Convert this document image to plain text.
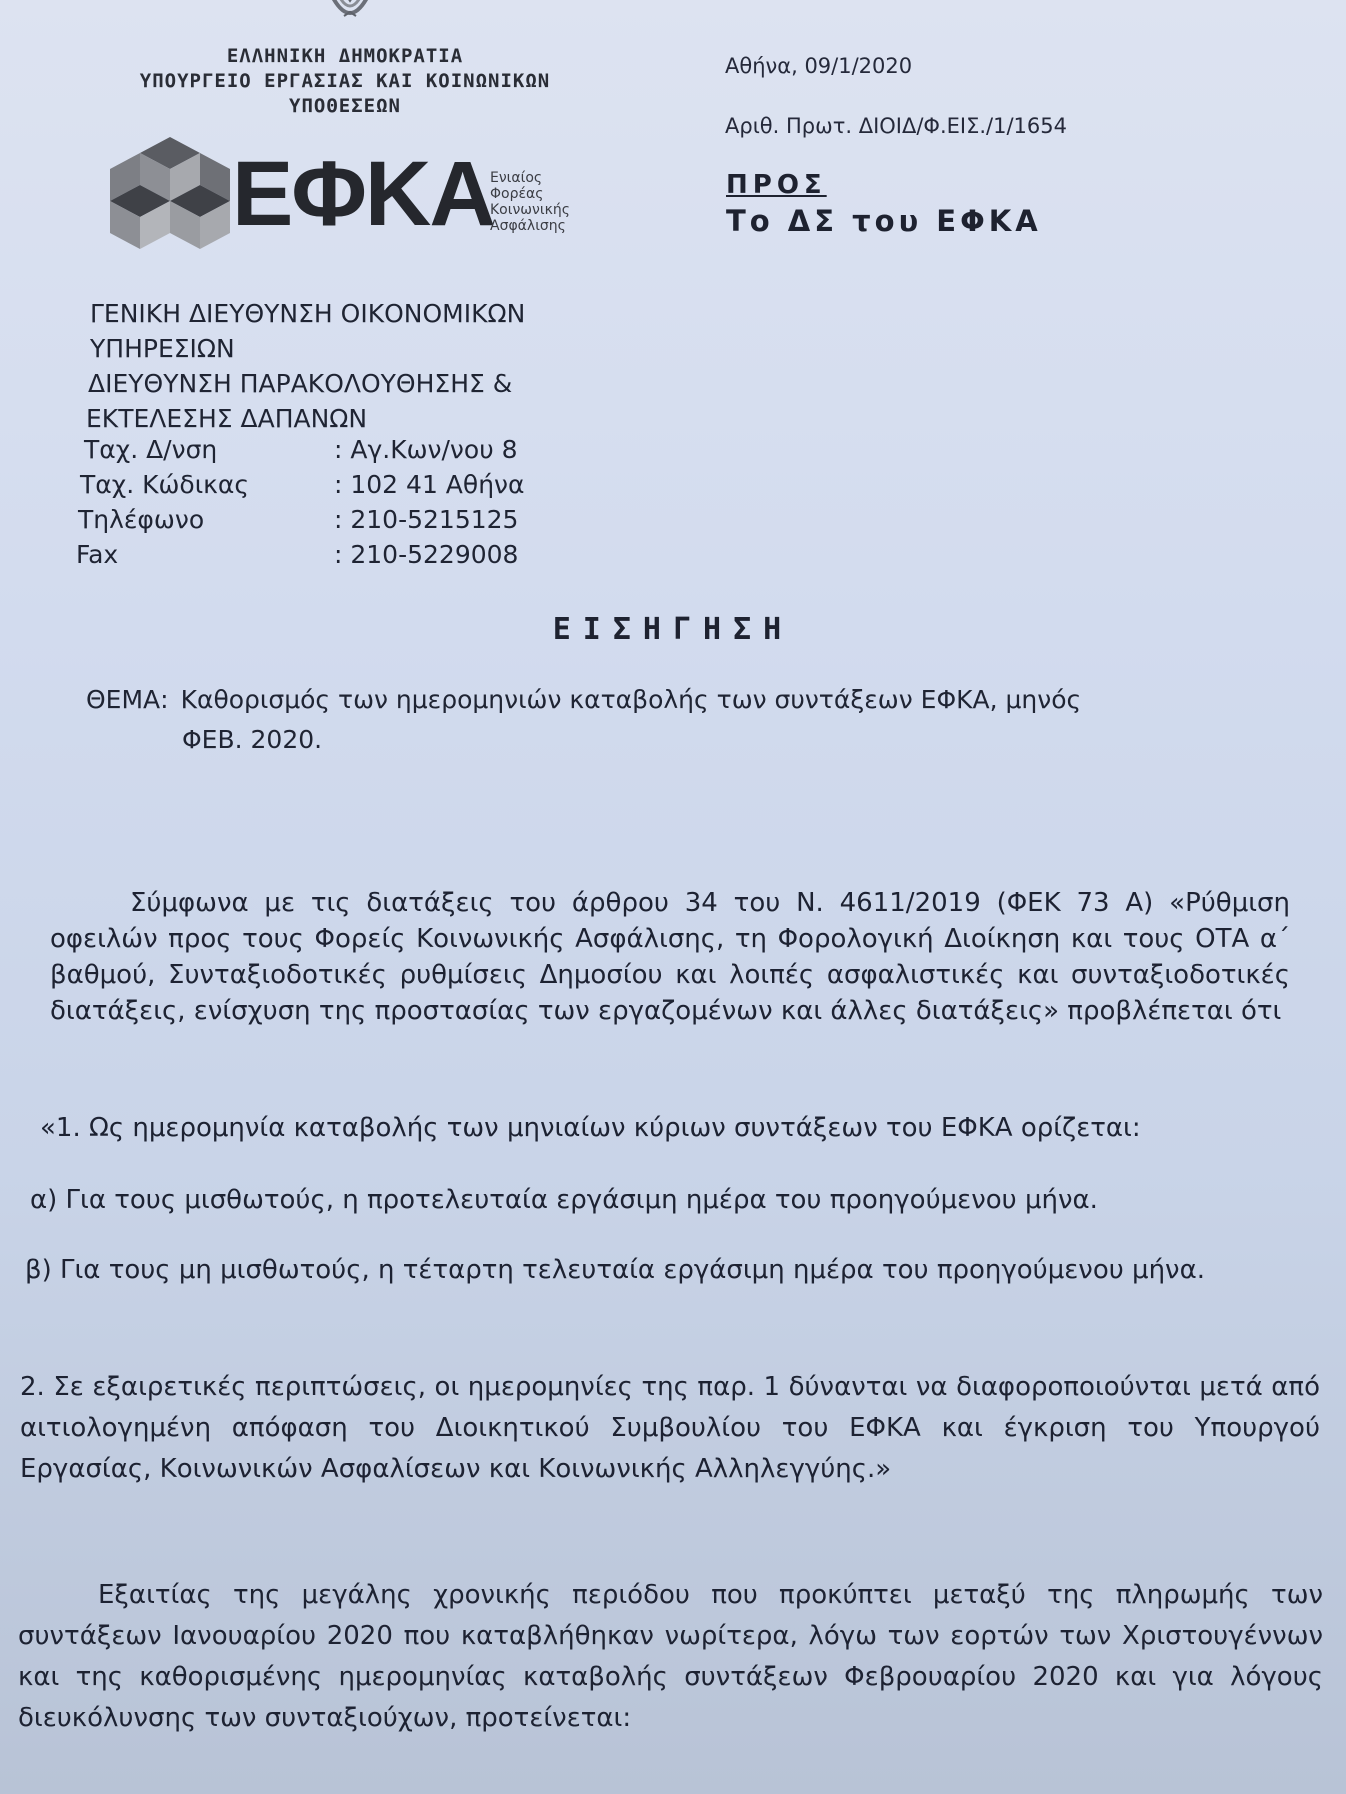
ΕΛΛΗΝΙΚΗ ΔΗΜΟΚΡΑΤΙΑ
ΥΠΟΥΡΓΕΙΟ ΕΡΓΑΣΙΑΣ ΚΑΙ ΚΟΙΝΩΝΙΚΩΝ
ΥΠΟΘΕΣΕΩΝ
ΕΦΚΑ
Ενιαίος
Φορέας
Κοινωνικής
Ασφάλισης
Αθήνα, 09/1/2020
Αριθ. Πρωτ. ΔΙΟΙΔ/Φ.ΕΙΣ./1/1654
ΠΡΟΣ
Το ΔΣ του ΕΦΚΑ
ΓΕΝΙΚΗ ΔΙΕΥΘΥΝΣΗ ΟΙΚΟΝΟΜΙΚΩΝ
ΥΠΗΡΕΣΙΩΝ
ΔΙΕΥΘΥΝΣΗ ΠΑΡΑΚΟΛΟΥΘΗΣΗΣ &
ΕΚΤΕΛΕΣΗΣ ΔΑΠΑΝΩΝ
Ταχ. Δ/νση	: Αγ.Κων/νου 8
Ταχ. Κώδικας	: 102 41 Αθήνα
Τηλέφωνο	: 210-5215125
Fax	: 210-5229008
ΕΙΣΗΓΗΣΗ
ΘΕΜΑ: Καθορισμός των ημερομηνιών καταβολής των συντάξεων ΕΦΚΑ, μηνός
ΦΕΒ. 2020.
Σύμφωνα με τις διατάξεις του άρθρου 34 του Ν. 4611/2019 (ΦΕΚ 73 Α) «Ρύθμιση οφειλών προς τους Φορείς Κοινωνικής Ασφάλισης, τη Φορολογική Διοίκηση και τους ΟΤΑ α΄ βαθμού, Συνταξιοδοτικές ρυθμίσεις Δημοσίου και λοιπές ασφαλιστικές και συνταξιοδοτικές διατάξεις, ενίσχυση της προστασίας των εργαζομένων και άλλες διατάξεις» προβλέπεται ότι
«1. Ως ημερομηνία καταβολής των μηνιαίων κύριων συντάξεων του ΕΦΚΑ ορίζεται:
α) Για τους μισθωτούς, η προτελευταία εργάσιμη ημέρα του προηγούμενου μήνα.
β) Για τους μη μισθωτούς, η τέταρτη τελευταία εργάσιμη ημέρα του προηγούμενου μήνα.
2. Σε εξαιρετικές περιπτώσεις, οι ημερομηνίες της παρ. 1 δύνανται να διαφοροποιούνται μετά από αιτιολογημένη απόφαση του Διοικητικού Συμβουλίου του ΕΦΚΑ και έγκριση του Υπουργού Εργασίας, Κοινωνικών Ασφαλίσεων και Κοινωνικής Αλληλεγγύης.»
Εξαιτίας της μεγάλης χρονικής περιόδου που προκύπτει μεταξύ της πληρωμής των συντάξεων Ιανουαρίου 2020 που καταβλήθηκαν νωρίτερα, λόγω των εορτών των Χριστουγέννων και της καθορισμένης ημερομηνίας καταβολής συντάξεων Φεβρουαρίου 2020 και για λόγους διευκόλυνσης των συνταξιούχων, προτείνεται:
